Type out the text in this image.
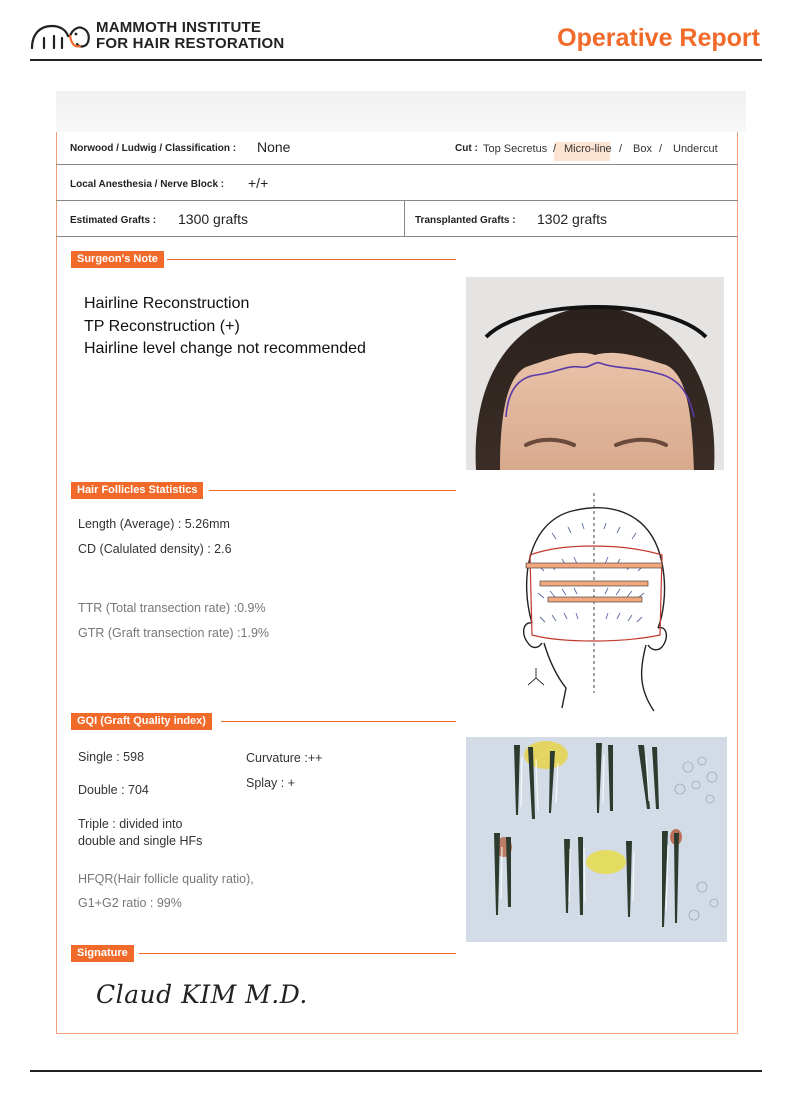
MAMMOTH INSTITUTE
FOR HAIR RESTORATION	Operative Report
Norwood / Ludwig / Classification : None	Cut : Top Secretus / Micro-line / Box / Undercut
Local Anesthesia / Nerve Block : +/+
Estimated Grafts : 1300 grafts	Transplanted Grafts : 1302 grafts
Surgeon's Note
Hairline Reconstruction
TP Reconstruction (+)
Hairline level change not recommended
Hair Follicles Statistics
Length (Average) : 5.26mm
CD (Calulated density) : 2.6
TTR (Total transection rate) :0.9%
GTR (Graft transection rate) :1.9%
GQI (Graft Quality index)
Single : 598
Double : 704
Triple : divided into
double and single HFs
Curvature :++
Splay : +
HFQR(Hair follicle quality ratio),
G1+G2 ratio : 99%
Signature
Claud KIM M.D.
